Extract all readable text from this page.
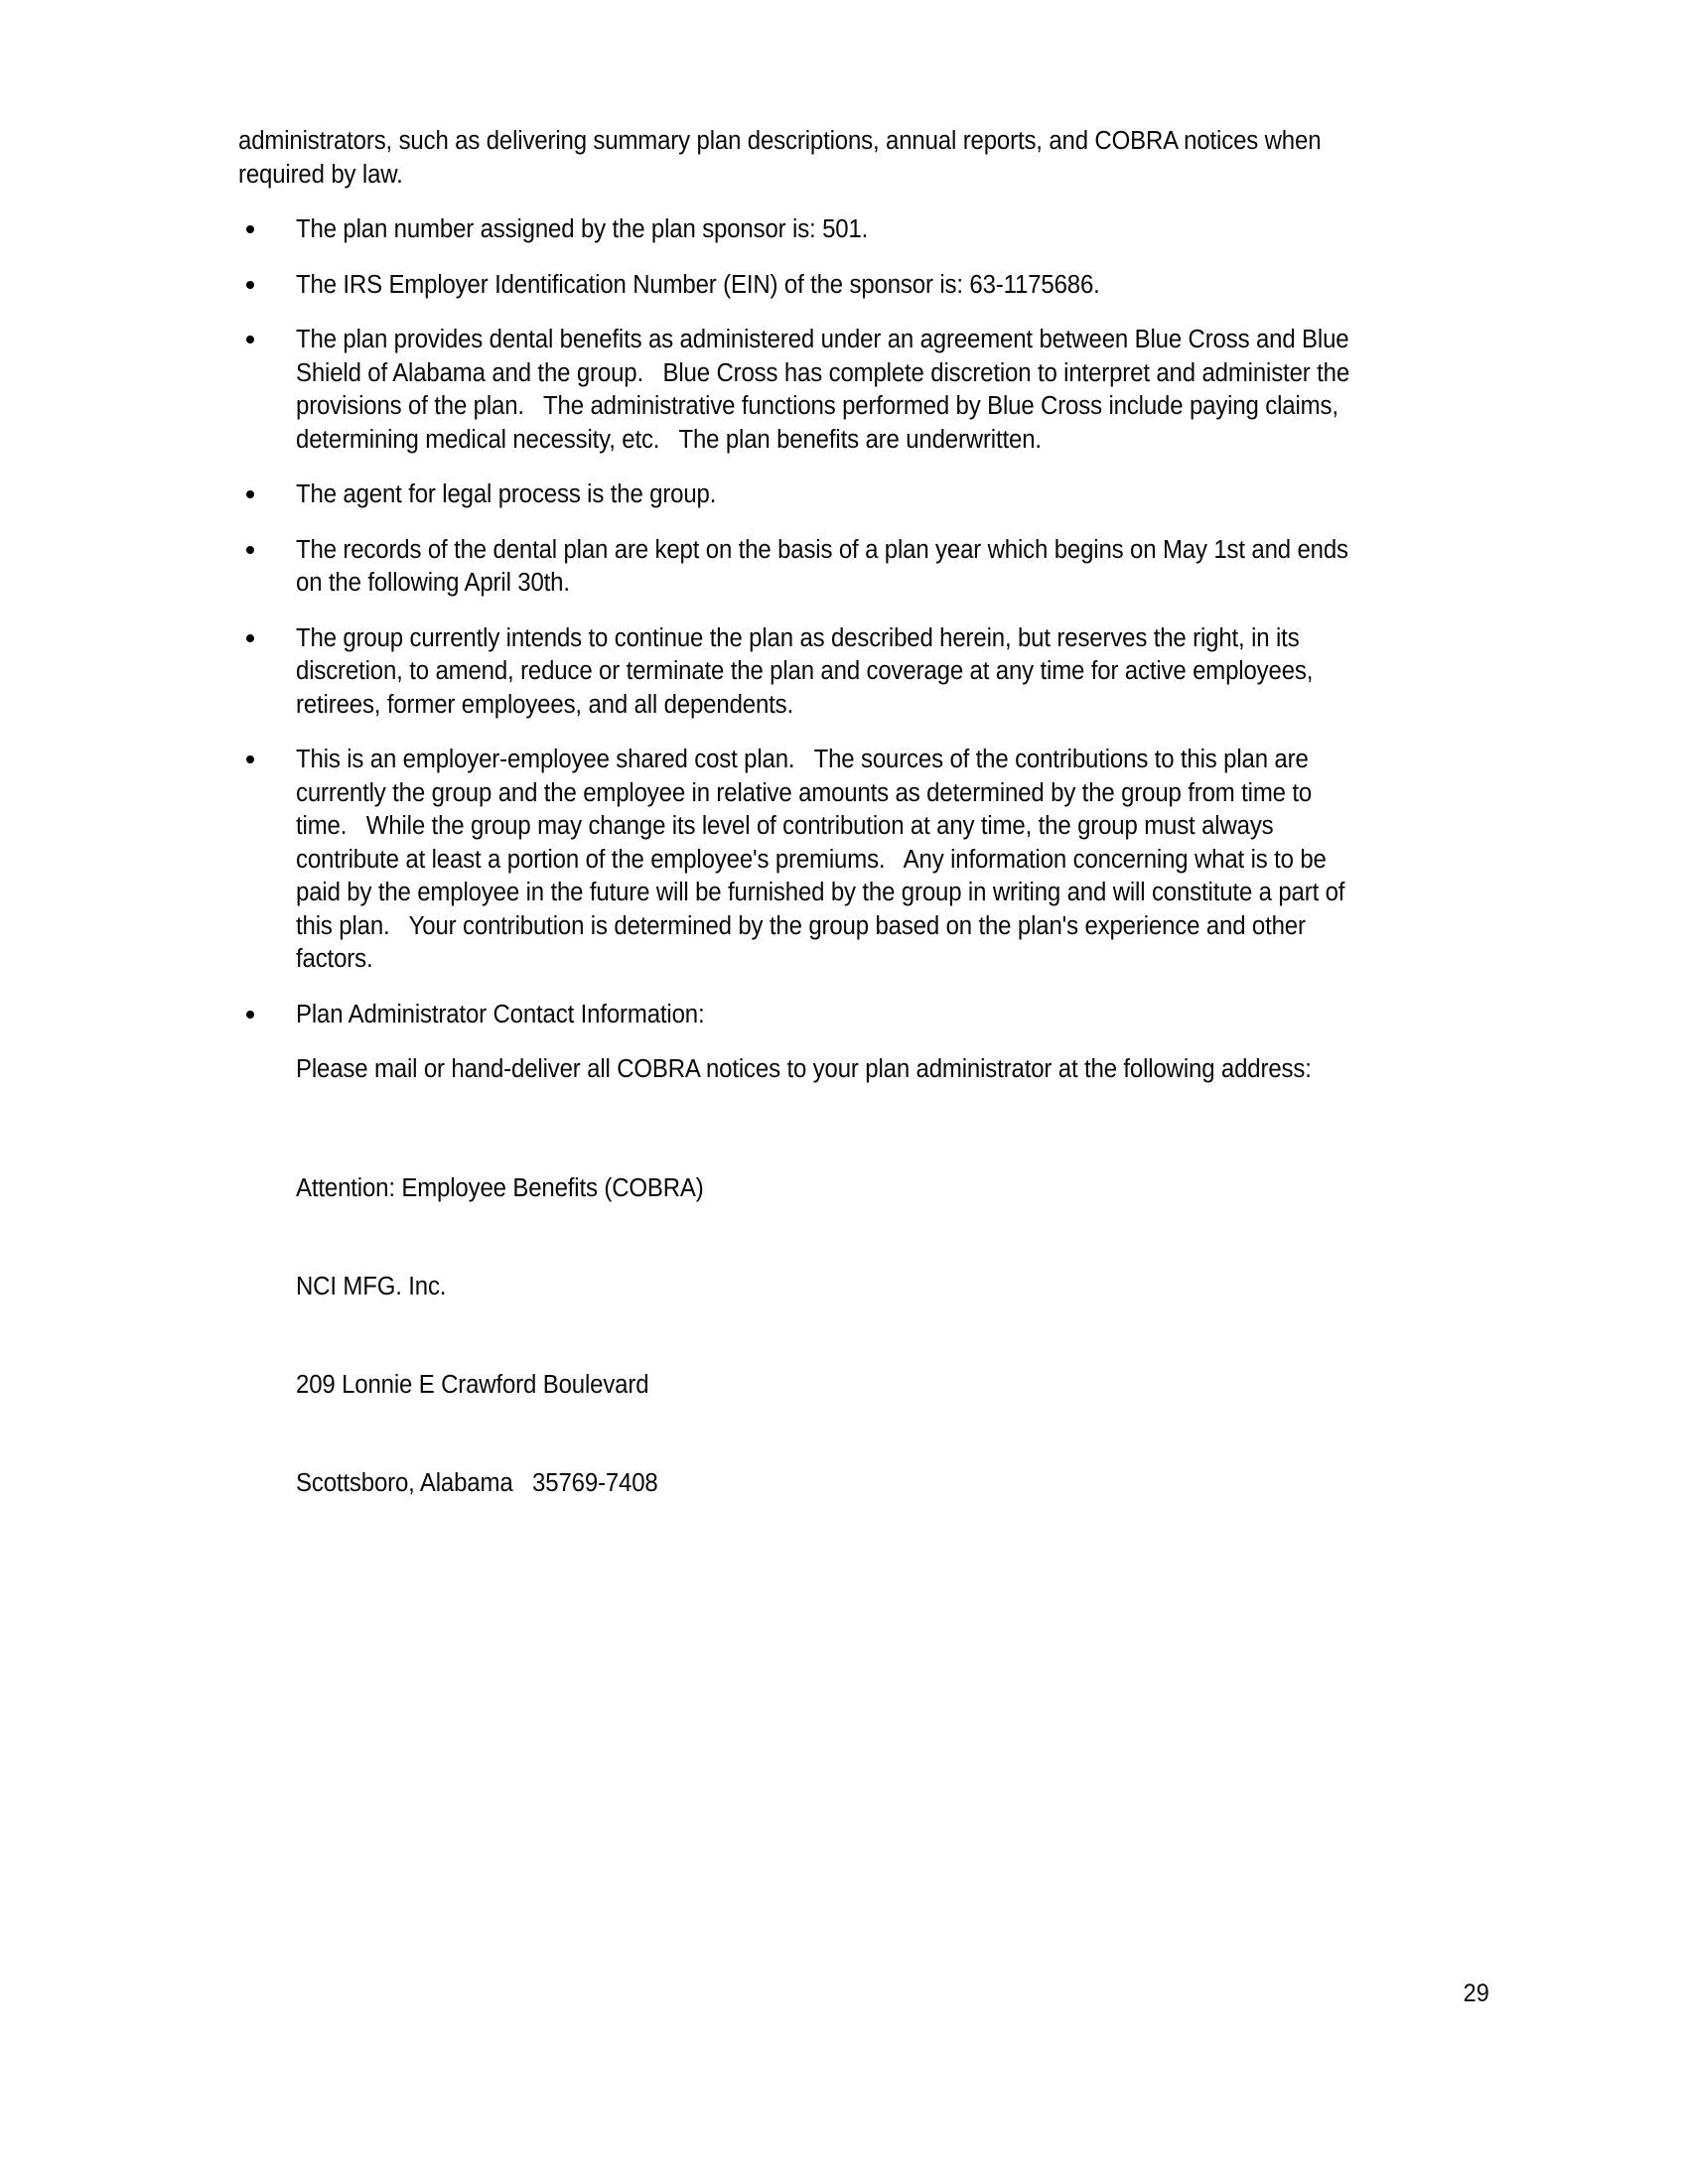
administrators, such as delivering summary plan descriptions, annual reports, and COBRA notices when required by law.

The plan number assigned by the plan sponsor is: 501.
The IRS Employer Identification Number (EIN) of the sponsor is: 63-1175686.
The plan provides dental benefits as administered under an agreement between Blue Cross and Blue Shield of Alabama and the group.   Blue Cross has complete discretion to interpret and administer the provisions of the plan.   The administrative functions performed by Blue Cross include paying claims, determining medical necessity, etc.   The plan benefits are underwritten.
The agent for legal process is the group.
The records of the dental plan are kept on the basis of a plan year which begins on May 1st and ends on the following April 30th.
The group currently intends to continue the plan as described herein, but reserves the right, in its discretion, to amend, reduce or terminate the plan and coverage at any time for active employees, retirees, former employees, and all dependents.
This is an employer-employee shared cost plan.   The sources of the contributions to this plan are currently the group and the employee in relative amounts as determined by the group from time to time.   While the group may change its level of contribution at any time, the group must always contribute at least a portion of the employee's premiums.   Any information concerning what is to be paid by the employee in the future will be furnished by the group in writing and will constitute a part of this plan.   Your contribution is determined by the group based on the plan's experience and other factors.
Plan Administrator Contact Information:

Please mail or hand-deliver all COBRA notices to your plan administrator at the following address:

Attention: Employee Benefits (COBRA)

NCI MFG. Inc.

209 Lonnie E Crawford Boulevard

Scottsboro, Alabama   35769-7408

29
